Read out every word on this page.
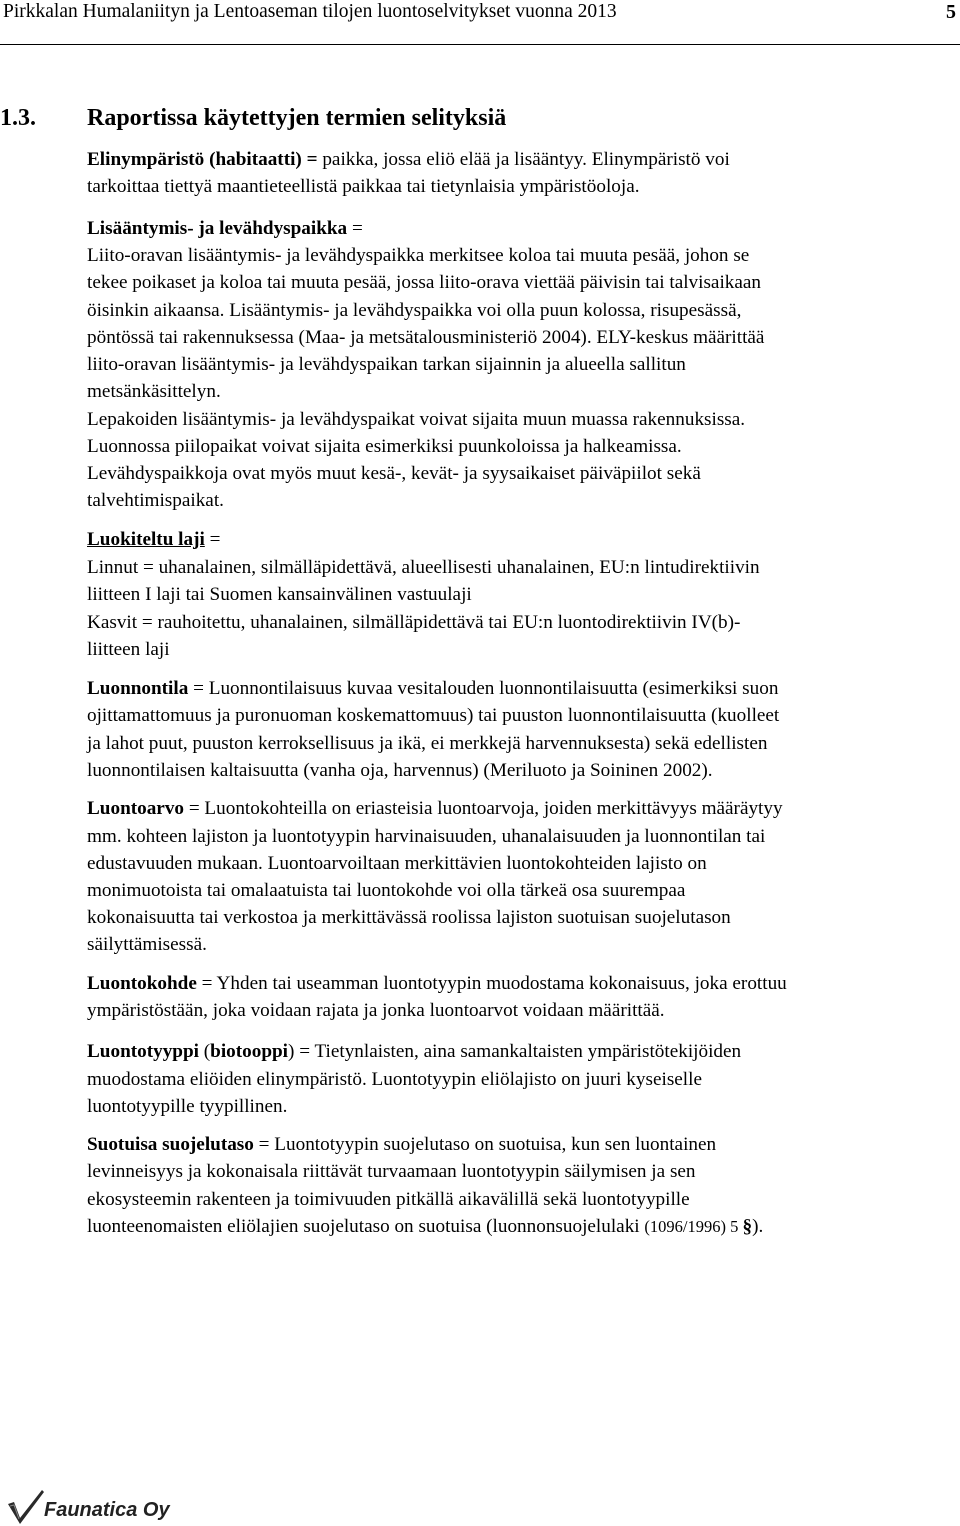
Pirkkalan Humalaniityn ja Lentoaseman tilojen luontoselvitykset vuonna 2013	5
1.3. Raportissa käytettyjen termien selityksiä
Elinympäristö (habitaatti) = paikka, jossa eliö elää ja lisääntyy. Elinympäristö voi
tarkoittaa tiettyä maantieteellistä paikkaa tai tietynlaisia ympäristöoloja.
Lisääntymis- ja levähdyspaikka =
Liito-oravan lisääntymis- ja levähdyspaikka merkitsee koloa tai muuta pesää, johon se
tekee poikaset ja koloa tai muuta pesää, jossa liito-orava viettää päivisin tai talvisaikaan
öisinkin aikaansa. Lisääntymis- ja levähdyspaikka voi olla puun kolossa, risupesässä,
pöntössä tai rakennuksessa (Maa- ja metsätalousministeriö 2004). ELY-keskus määrittää
liito-oravan lisääntymis- ja levähdyspaikan tarkan sijainnin ja alueella sallitun
metsänkäsittelyn.
Lepakoiden lisääntymis- ja levähdyspaikat voivat sijaita muun muassa rakennuksissa.
Luonnossa piilopaikat voivat sijaita esimerkiksi puunkoloissa ja halkeamissa.
Levähdyspaikkoja ovat myös muut kesä-, kevät- ja syysaikaiset päiväpiilot sekä
talvehtimispaikat.
Luokiteltu laji =
Linnut = uhanalainen, silmälläpidettävä, alueellisesti uhanalainen, EU:n lintudirektiivin
liitteen I laji tai Suomen kansainvälinen vastuulaji
Kasvit = rauhoitettu, uhanalainen, silmälläpidettävä tai EU:n luontodirektiivin IV(b)-
liitteen laji
Luonnontila = Luonnontilaisuus kuvaa vesitalouden luonnontilaisuutta (esimerkiksi suon
ojittamattomuus ja puronuoman koskemattomuus) tai puuston luonnontilaisuutta (kuolleet
ja lahot puut, puuston kerroksellisuus ja ikä, ei merkkejä harvennuksesta) sekä edellisten
luonnontilaisen kaltaisuutta (vanha oja, harvennus) (Meriluoto ja Soininen 2002).
Luontoarvo = Luontokohteilla on eriasteisia luontoarvoja, joiden merkittävyys määräytyy
mm. kohteen lajiston ja luontotyypin harvinaisuuden, uhanalaisuuden ja luonnontilan tai
edustavuuden mukaan. Luontoarvoiltaan merkittävien luontokohteiden lajisto on
monimuotoista tai omalaatuista tai luontokohde voi olla tärkeä osa suurempaa
kokonaisuutta tai verkostoa ja merkittävässä roolissa lajiston suotuisan suojelutason
säilyttämisessä.
Luontokohde = Yhden tai useamman luontotyypin muodostama kokonaisuus, joka erottuu
ympäristöstään, joka voidaan rajata ja jonka luontoarvot voidaan määrittää.
Luontotyyppi (biotooppi) = Tietynlaisten, aina samankaltaisten ympäristötekijöiden
muodostama eliöiden elinympäristö. Luontotyypin eliölajisto on juuri kyseiselle
luontotyypille tyypillinen.
Suotuisa suojelutaso = Luontotyypin suojelutaso on suotuisa, kun sen luontainen
levinneisyys ja kokonaisala riittävät turvaamaan luontotyypin säilymisen ja sen
ekosysteemin rakenteen ja toimivuuden pitkällä aikavälillä sekä luontotyypille
luonteenomaisten eliölajien suojelutaso on suotuisa (luonnonsuojelulaki (1096/1996) 5 §).
Faunatica Oy
